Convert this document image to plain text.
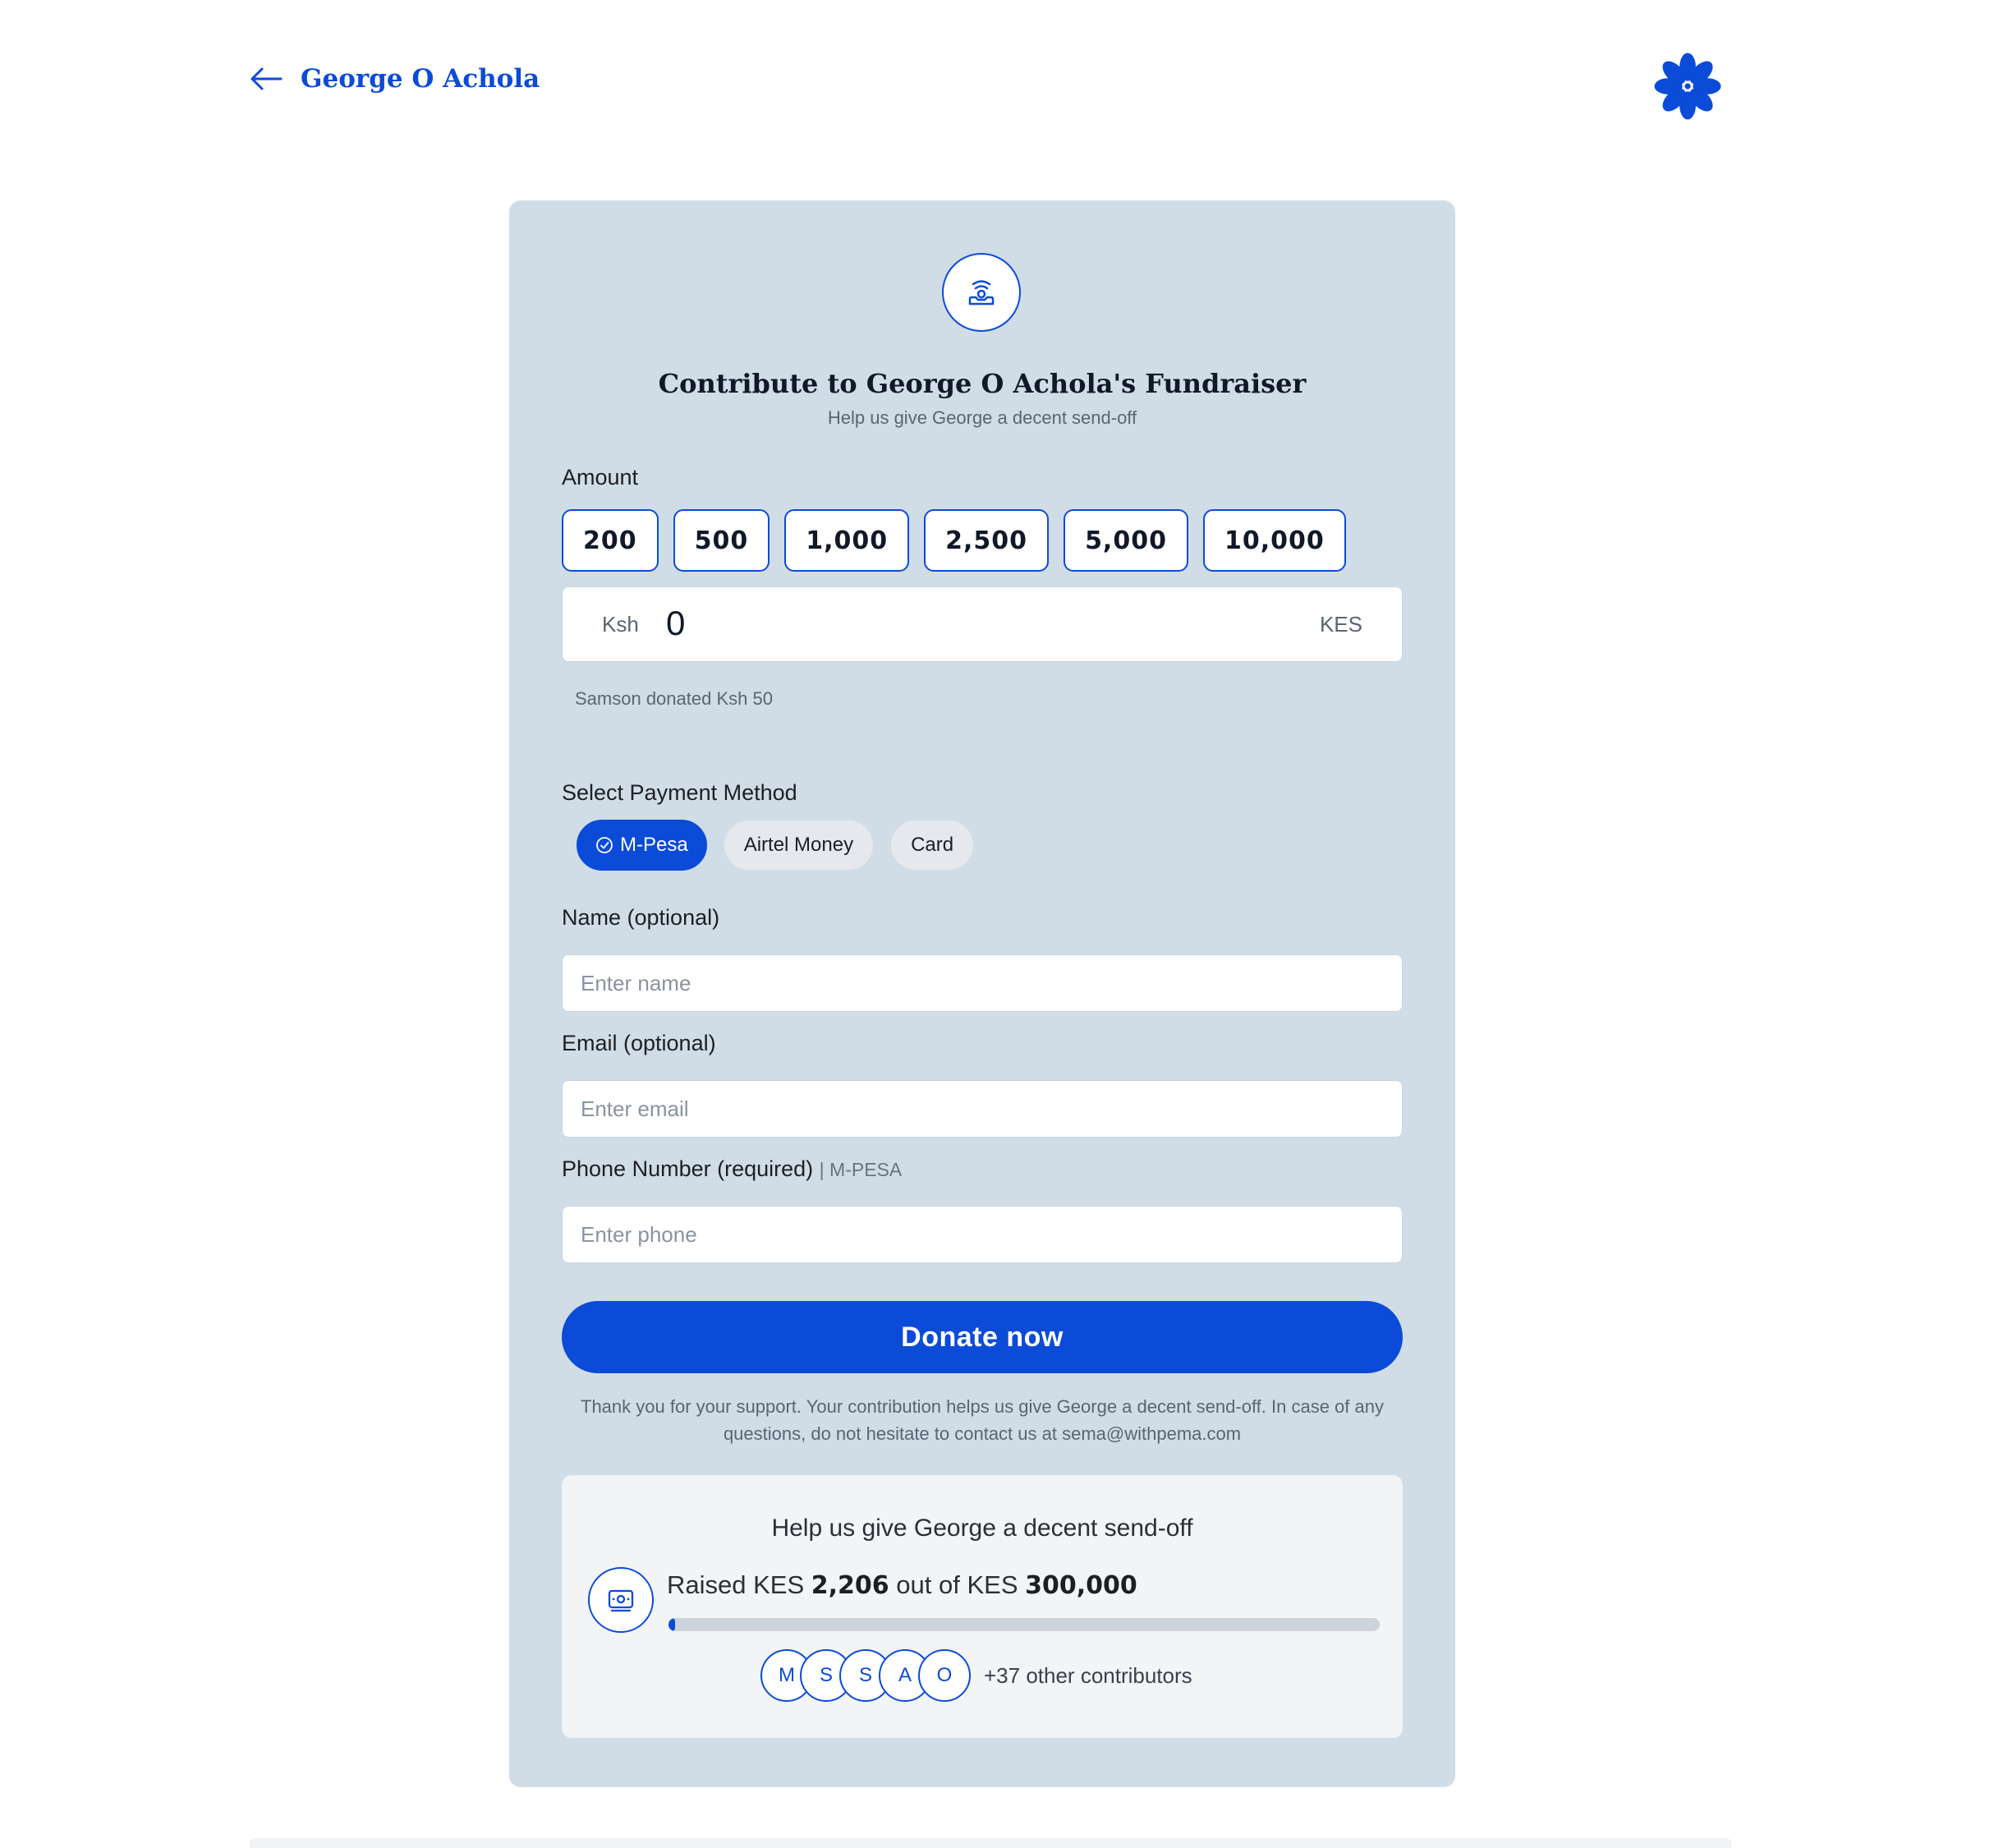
George O Achola
Contribute to George O Achola's Fundraiser
Help us give George a decent send-off
Amount
200	500	1,000	2,500	5,000	10,000
Ksh 0	KES
Samson donated Ksh 50
Select Payment Method
M-Pesa	Airtel Money	Card
Name (optional)
Enter name
Email (optional)
Enter email
Phone Number (required) | M-PESA
Enter phone
Donate now
Thank you for your support. Your contribution helps us give George a decent send-off. In case of any questions, do not hesitate to contact us at sema@withpema.com
Help us give George a decent send-off
Raised KES 2,206 out of KES 300,000
M	S	S	A	O	+37 other contributors
